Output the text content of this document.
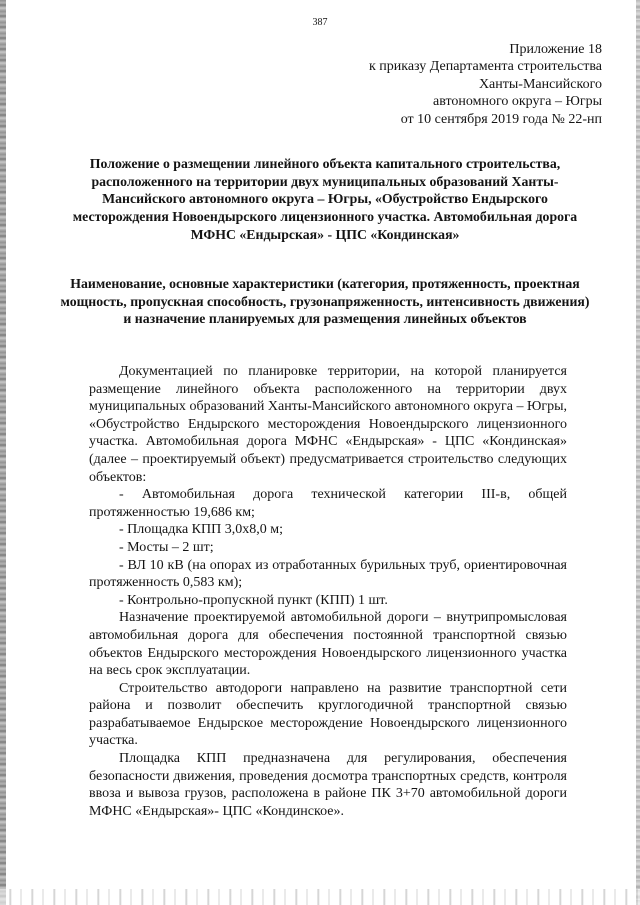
387
Приложение 18
к приказу Департамента строительства
Ханты-Мансийского
автономного округа – Югры
от 10 сентября 2019 года № 22-нп
Положение о размещении линейного объекта капитального строительства, расположенного на территории двух муниципальных образований Ханты-Мансийского автономного округа – Югры, «Обустройство Ендырского месторождения Новоендырского лицензионного участка. Автомобильная дорога МФНС «Ендырская» - ЦПС «Кондинская»
Наименование, основные характеристики (категория, протяженность, проектная мощность, пропускная способность, грузонапряженность, интенсивность движения) и назначение планируемых для размещения линейных объектов

Документацией по планировке территории, на которой планируется размещение линейного объекта расположенного на территории двух муниципальных образований Ханты-Мансийского автономного округа – Югры, «Обустройство Ендырского месторождения Новоендырского лицензионного участка. Автомобильная дорога МФНС «Ендырская» - ЦПС «Кондинская» (далее – проектируемый объект) предусматривается строительство следующих объектов:

- Автомобильная дорога технической категории III-в, общей протяженностью 19,686 км;

- Площадка КПП 3,0х8,0 м;

- Мосты – 2 шт;

- ВЛ 10 кВ (на опорах из отработанных бурильных труб, ориентировочная протяженность 0,583 км);

- Контрольно-пропускной пункт (КПП) 1 шт.

Назначение проектируемой автомобильной дороги – внутрипромысловая автомобильная дорога для обеспечения постоянной транспортной связью объектов Ендырского месторождения Новоендырского лицензионного участка на весь срок эксплуатации.

Строительство автодороги направлено на развитие транспортной сети района и позволит обеспечить круглогодичной транспортной связью разрабатываемое Ендырское месторождение Новоендырского лицензионного участка.

Площадка КПП предназначена для регулирования, обеспечения безопасности движения, проведения досмотра транспортных средств, контроля ввоза и вывоза грузов, расположена в районе ПК 3+70 автомобильной дороги МФНС «Ендырская»- ЦПС «Кондинское».
